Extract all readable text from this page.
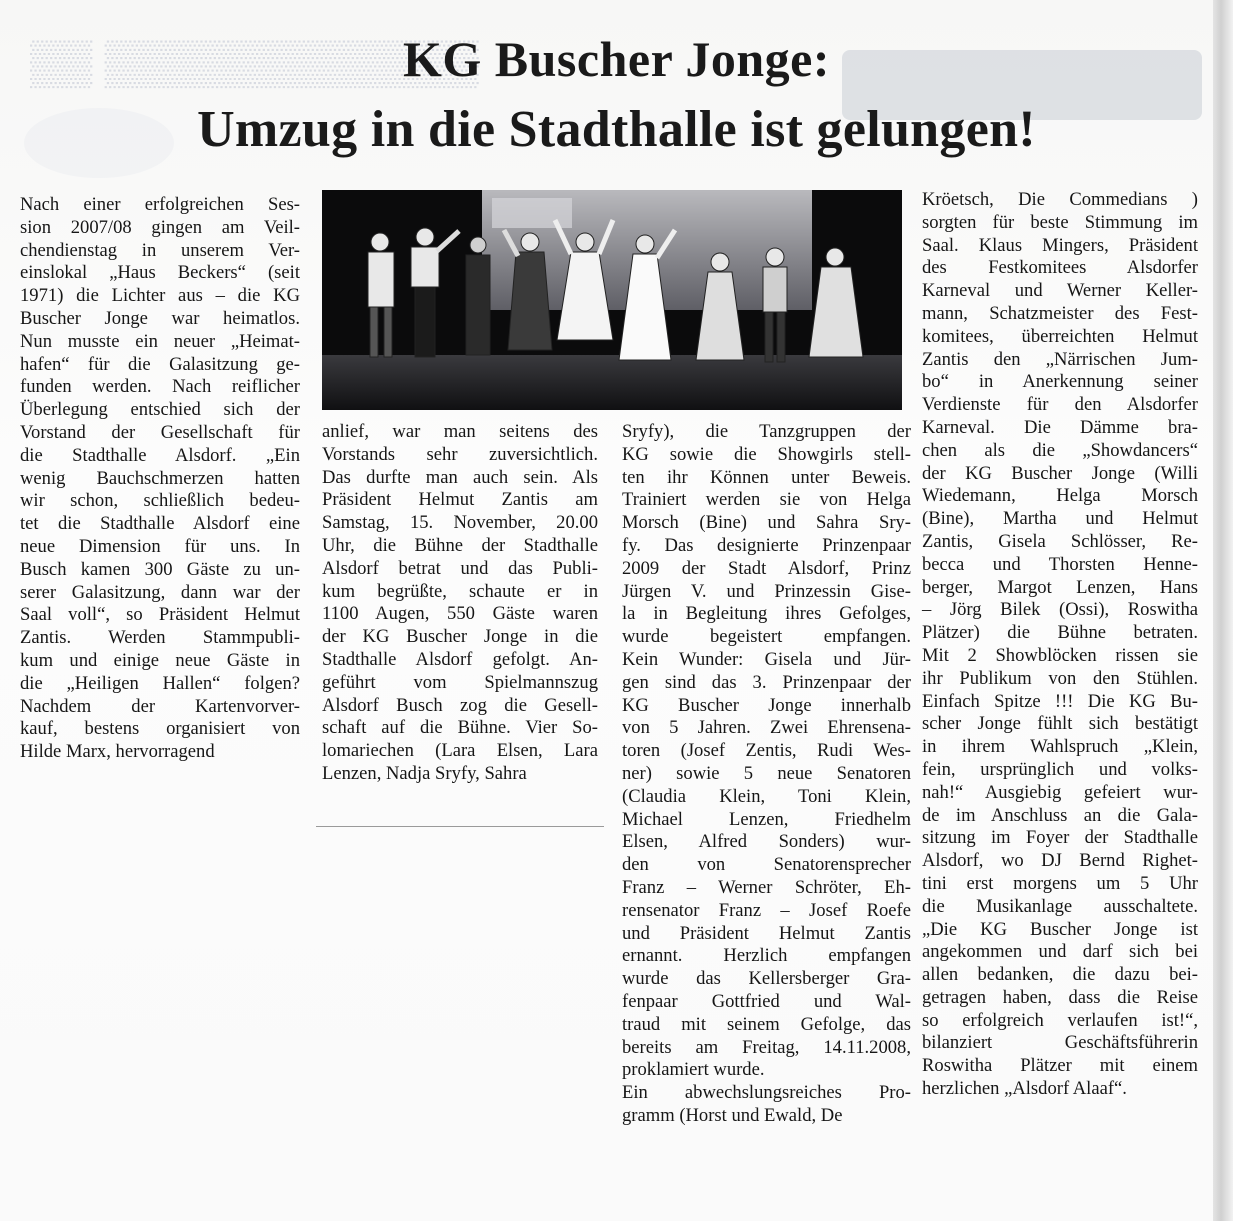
▒▒ ▒▒▒▒▒▒▒▒▒▒▒▒
KG Buscher Jonge:
Umzug in die Stadthalle ist gelungen!

Nach einer erfolgreichen Ses-

sion 2007/08 gingen am Veil-

chendienstag in unserem Ver-

einslokal „Haus Beckers“ (seit

1971) die Lichter aus – die KG

Buscher Jonge war heimatlos.

Nun musste ein neuer „Heimat-

hafen“ für die Galasitzung ge-

funden werden. Nach reiflicher

Überlegung entschied sich der

Vorstand der Gesellschaft für

die Stadthalle Alsdorf. „Ein

wenig Bauchschmerzen hatten

wir schon, schließlich bedeu-

tet die Stadthalle Alsdorf eine

neue Dimension für uns. In

Busch kamen 300 Gäste zu un-

serer Galasitzung, dann war der

Saal voll“, so Präsident Helmut

Zantis. Werden Stammpubli-

kum und einige neue Gäste in

die „Heiligen Hallen“ folgen?

Nachdem der Kartenvorver-

kauf, bestens organisiert von

Hilde Marx, hervorragend

anlief, war man seitens des

Vorstands sehr zuversichtlich.

Das durfte man auch sein. Als

Präsident Helmut Zantis am

Samstag, 15. November, 20.00

Uhr, die Bühne der Stadthalle

Alsdorf betrat und das Publi-

kum begrüßte, schaute er in

1100 Augen, 550 Gäste waren

der KG Buscher Jonge in die

Stadthalle Alsdorf gefolgt. An-

geführt vom Spielmannszug

Alsdorf Busch zog die Gesell-

schaft auf die Bühne. Vier So-

lomariechen (Lara Elsen, Lara

Lenzen, Nadja Sryfy, Sahra

Sryfy), die Tanzgruppen der

KG sowie die Showgirls stell-

ten ihr Können unter Beweis.

Trainiert werden sie von Helga

Morsch (Bine) und Sahra Sry-

fy. Das designierte Prinzenpaar

2009 der Stadt Alsdorf, Prinz

Jürgen V. und Prinzessin Gise-

la in Begleitung ihres Gefolges,

wurde begeistert empfangen.

Kein Wunder: Gisela und Jür-

gen sind das 3. Prinzenpaar der

KG Buscher Jonge innerhalb

von 5 Jahren. Zwei Ehrensena-

toren (Josef Zentis, Rudi Wes-

ner) sowie 5 neue Senatoren

(Claudia Klein, Toni Klein,

Michael Lenzen, Friedhelm

Elsen, Alfred Sonders) wur-

den von Senatorensprecher

Franz – Werner Schröter, Eh-

rensenator Franz – Josef Roefe

und Präsident Helmut Zantis

ernannt. Herzlich empfangen

wurde das Kellersberger Gra-

fenpaar Gottfried und Wal-

traud mit seinem Gefolge, das

bereits am Freitag, 14.11.2008,

proklamiert wurde.

Ein abwechslungsreiches Pro-

gramm (Horst und Ewald, De

Kröetsch, Die Commedians )

sorgten für beste Stimmung im

Saal. Klaus Mingers, Präsident

des Festkomitees Alsdorfer

Karneval und Werner Keller-

mann, Schatzmeister des Fest-

komitees, überreichten Helmut

Zantis den „Närrischen Jum-

bo“ in Anerkennung seiner

Verdienste für den Alsdorfer

Karneval. Die Dämme bra-

chen als die „Showdancers“

der KG Buscher Jonge (Willi

Wiedemann, Helga Morsch

(Bine), Martha und Helmut

Zantis, Gisela Schlösser, Re-

becca und Thorsten Henne-

berger, Margot Lenzen, Hans

– Jörg Bilek (Ossi), Roswitha

Plätzer) die Bühne betraten.

Mit 2 Showblöcken rissen sie

ihr Publikum von den Stühlen.

Einfach Spitze !!! Die KG Bu-

scher Jonge fühlt sich bestätigt

in ihrem Wahlspruch „Klein,

fein, ursprünglich und volks-

nah!“ Ausgiebig gefeiert wur-

de im Anschluss an die Gala-

sitzung im Foyer der Stadthalle

Alsdorf, wo DJ Bernd Righet-

tini erst morgens um 5 Uhr

die Musikanlage ausschaltete.

„Die KG Buscher Jonge ist

angekommen und darf sich bei

allen bedanken, die dazu bei-

getragen haben, dass die Reise

so erfolgreich verlaufen ist!“,

bilanziert Geschäftsführerin

Roswitha Plätzer mit einem

herzlichen „Alsdorf Alaaf“.
